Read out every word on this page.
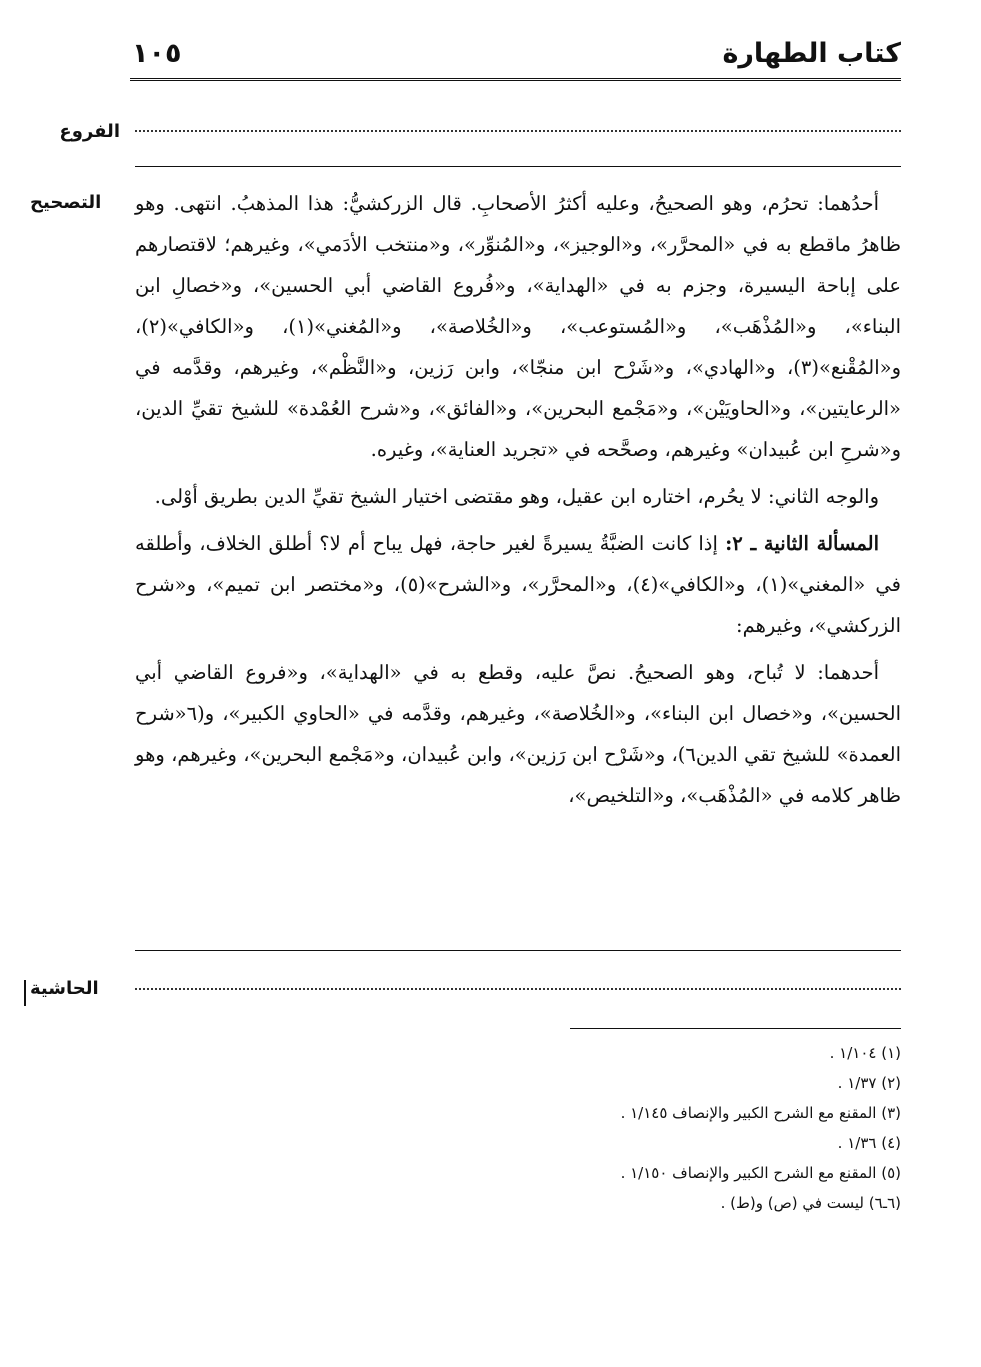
كتاب الطهارة
١٠٥
الفروع
التصحيح أحدُهما: تحرُم، وهو الصحيحُ، وعليه أكثرُ الأصحابِ. قال الزركشيُّ: هذا المذهبُ. انتهى. وهو ظاهرُ ماقطع به في «المحرَّر»، و«الوجيز»، و«المُنوِّر»، و«منتخب الأدَمي»، وغيرهم؛ لاقتصارهم على إباحة اليسيرة، وجزم به في «الهداية»، و«فُروع القاضي أبي الحسين»، و«خصالِ ابن البناء»، و«المُذْهَب»، و«المُستوعب»، و«الخُلاصة»، و«المُغني»(١)، و«الكافي»(٢)، و«المُقْنع»(٣)، و«الهادي»، و«شَرْح ابن منجّا»، وابن رَزين، و«النَّظْم»، وغيرهم، وقدَّمه في «الرعايتين»، و«الحاويَيْن»، و«مَجْمع البحرين»، و«الفائق»، و«شرح العُمْدة» للشيخ تقيِّ الدين، و«شرحِ ابن عُبيدان» وغيرهم، وصحَّحه في «تجريد العناية»، وغيره.

والوجه الثاني: لا يحُرم، اختاره ابن عقيل، وهو مقتضى اختيار الشيخ تقيِّ الدين بطريق أوْلى.

المسألة الثانية ـ ٢: إذا كانت الضبَّةُ يسيرةً لغير حاجة، فهل يباح أم لا؟ أطلق الخلاف، وأطلقه في «المغني»(١)، و«الكافي»(٤)، و«المحرَّر»، و«الشرح»(٥)، و«مختصر ابن تميم»، و«شرح الزركشي»، وغيرهم:

أحدهما: لا تُباح، وهو الصحيحُ. نصَّ عليه، وقطع به في «الهداية»، و«فروع القاضي أبي الحسين»، و«خصال ابن البناء»، و«الخُلاصة»، وغيرهم، وقدَّمه في «الحاوي الكبير»، و(٦«شرح العمدة» للشيخ تقي الدين٦)، و«شَرْح ابن رَزين»، وابن عُبيدان، و«مَجْمع البحرين»، وغيرهم، وهو ظاهر كلامه في «المُذْهَب»، و«التلخيص»،

الحاشية
(١) ١/١٠٤ .
(٢) ١/٣٧ .
(٣) المقنع مع الشرح الكبير والإنصاف ١/١٤٥ .
(٤) ١/٣٦ .
(٥) المقنع مع الشرح الكبير والإنصاف ١/١٥٠ .
(٦ـ٦) ليست في (ص) و(ط) .
